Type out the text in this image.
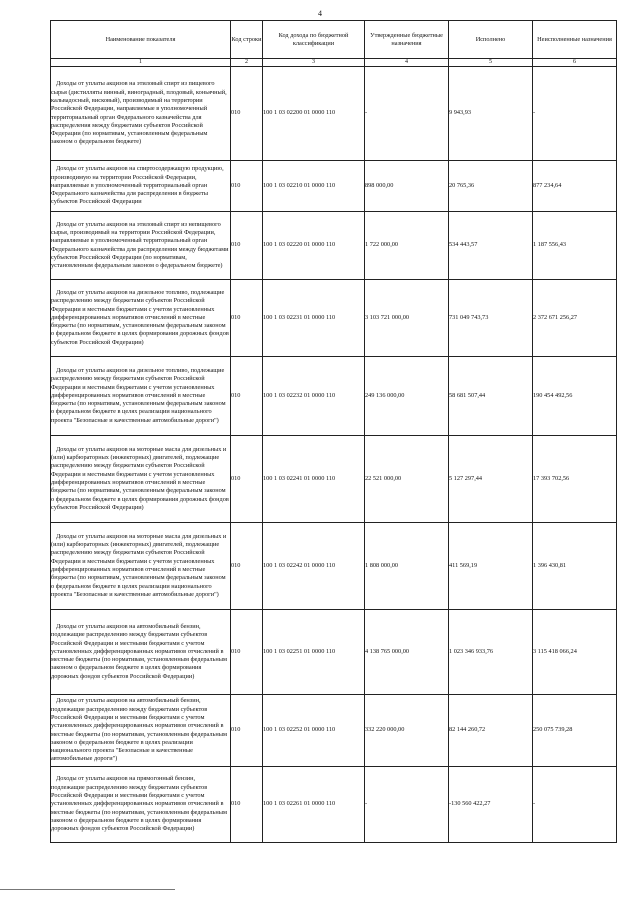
4
Наименование показателя	Код строки	Код дохода по бюджетной классификации	Утвержденные бюджетные назначения	Исполнено	Неисполненные назначения
1	2	3	4	5	6
Доходы от уплаты акцизов на этиловый спирт из пищевого сырья (дистилляты винный, виноградный, плодовый, коньячный, кальвадосный, висковый), производимый на территории Российской Федерации, направляемые в уполномоченный территориальный орган Федерального казначейства для распределения между бюджетами субъектов Российской Федерации (по нормативам, установленным федеральным законом о федеральном бюджете)	010	100 1 03 02200 01 0000 110	-	9 943,93	-
Доходы от уплаты акцизов на спиртосодержащую продукцию, производимую на территории Российской Федерации, направляемые в уполномоченный территориальный орган Федерального казначейства для распределения в бюджеты субъектов Российской Федерации	010	100 1 03 02210 01 0000 110	898 000,00	20 765,36	877 234,64
Доходы от уплаты акцизов на этиловый спирт из непищевого сырья, производимый на территории Российской Федерации, направляемые в уполномоченный территориальный орган Федерального казначейства для распределения между бюджетами субъектов Российской Федерации (по нормативам, установленным федеральным законом о федеральном бюджете)	010	100 1 03 02220 01 0000 110	1 722 000,00	534 443,57	1 187 556,43
Доходы от уплаты акцизов на дизельное топливо, подлежащие распределению между бюджетами субъектов Российской Федерации и местными бюджетами с учетом установленных дифференцированных нормативов отчислений в местные бюджеты (по нормативам, установленным федеральным законом о федеральном бюджете в целях формирования дорожных фондов субъектов Российской Федерации)	010	100 1 03 02231 01 0000 110	3 103 721 000,00	731 049 743,73	2 372 671 256,27
Доходы от уплаты акцизов на дизельное топливо, подлежащие распределению между бюджетами субъектов Российской Федерации и местными бюджетами с учетом установленных дифференцированных нормативов отчислений в местные бюджеты (по нормативам, установленным федеральным законом о федеральном бюджете в целях реализации национального проекта "Безопасные и качественные автомобильные дороги")	010	100 1 03 02232 01 0000 110	249 136 000,00	58 681 507,44	190 454 492,56
Доходы от уплаты акцизов на моторные масла для дизельных и (или) карбюраторных (инжекторных) двигателей, подлежащие распределению между бюджетами субъектов Российской Федерации и местными бюджетами с учетом установленных дифференцированных нормативов отчислений в местные бюджеты (по нормативам, установленным федеральным законом о федеральном бюджете в целях формирования дорожных фондов субъектов Российской Федерации)	010	100 1 03 02241 01 0000 110	22 521 000,00	5 127 297,44	17 393 702,56
Доходы от уплаты акцизов на моторные масла для дизельных и (или) карбюраторных (инжекторных) двигателей, подлежащие распределению между бюджетами субъектов Российской Федерации и местными бюджетами с учетом установленных дифференцированных нормативов отчислений в местные бюджеты (по нормативам, установленным федеральным законом о федеральном бюджете в целях реализации национального проекта "Безопасные и качественные автомобильные дороги")	010	100 1 03 02242 01 0000 110	1 808 000,00	411 569,19	1 396 430,81
Доходы от уплаты акцизов на автомобильный бензин, подлежащие распределению между бюджетами субъектов Российской Федерации и местными бюджетами с учетом установленных дифференцированных нормативов отчислений в местные бюджеты (по нормативам, установленным федеральным законом о федеральном бюджете в целях формирования дорожных фондов субъектов Российской Федерации)	010	100 1 03 02251 01 0000 110	4 138 765 000,00	1 023 346 933,76	3 115 418 066,24
Доходы от уплаты акцизов на автомобильный бензин, подлежащие распределению между бюджетами субъектов Российской Федерации и местными бюджетами с учетом установленных дифференцированных нормативов отчислений в местные бюджеты (по нормативам, установленным федеральным законом о федеральном бюджете в целях реализации национального проекта "Безопасные и качественные автомобильные дороги")	010	100 1 03 02252 01 0000 110	332 220 000,00	82 144 260,72	250 075 739,28
Доходы от уплаты акцизов на прямогонный бензин, подлежащие распределению между бюджетами субъектов Российской Федерации и местными бюджетами с учетом установленных дифференцированных нормативов отчислений в местные бюджеты (по нормативам, установленным федеральным законом о федеральном бюджете в целях формирования дорожных фондов субъектов Российской Федерации)	010	100 1 03 02261 01 0000 110	-	-130 560 422,27	-
